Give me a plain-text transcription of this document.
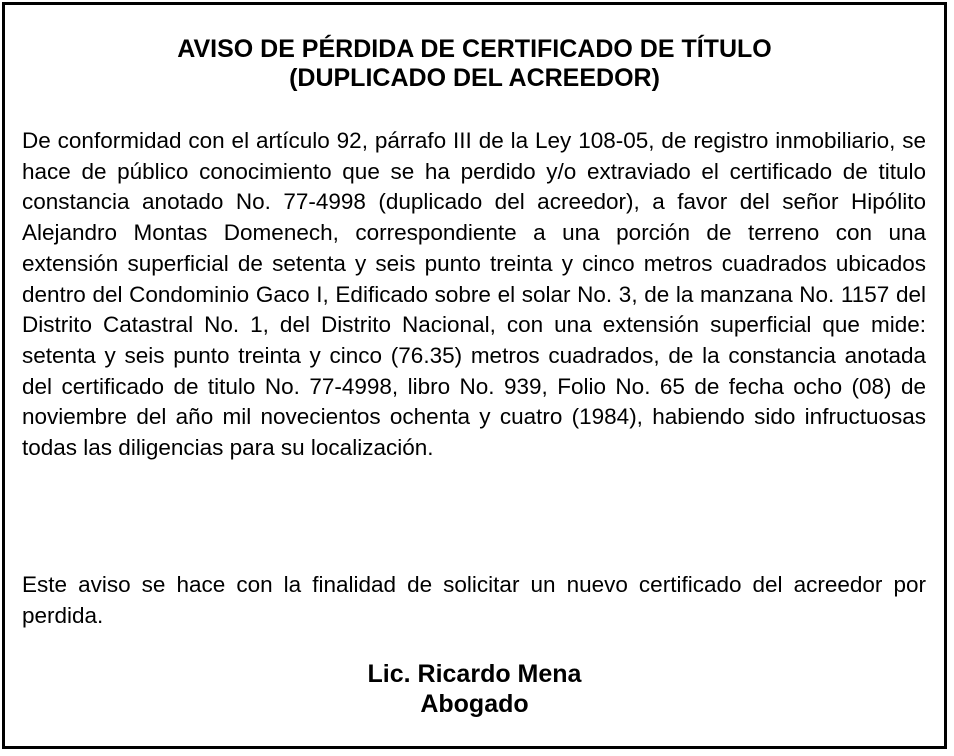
AVISO DE PÉRDIDA DE CERTIFICADO DE TÍTULO
(DUPLICADO DEL ACREEDOR)

De conformidad con el artículo 92, párrafo III de la Ley 108-05, de registro inmobiliario, se hace de público conocimiento que se ha perdido y/o extraviado el certificado de titulo constancia anotado No. 77-4998 (duplicado del acreedor), a favor del señor Hipólito Alejandro Montas Domenech, correspondiente a una porción de terreno con una extensión superficial de setenta y seis punto treinta y cinco metros cuadrados ubicados dentro del Condominio Gaco I, Edificado sobre el solar No. 3, de la manzana No. 1157 del Distrito Catastral No. 1, del Distrito Nacional, con una extensión superficial que mide: setenta y seis punto treinta y cinco (76.35) metros cuadrados, de la constancia anotada del certificado de titulo No. 77-4998, libro No. 939, Folio No. 65 de fecha ocho (08) de noviembre del año mil novecientos ochenta y cuatro (1984), habiendo sido infructuosas todas las diligencias para su localización.

Este aviso se hace con la finalidad de solicitar un nuevo certificado del acreedor por perdida.

Lic. Ricardo Mena
Abogado
